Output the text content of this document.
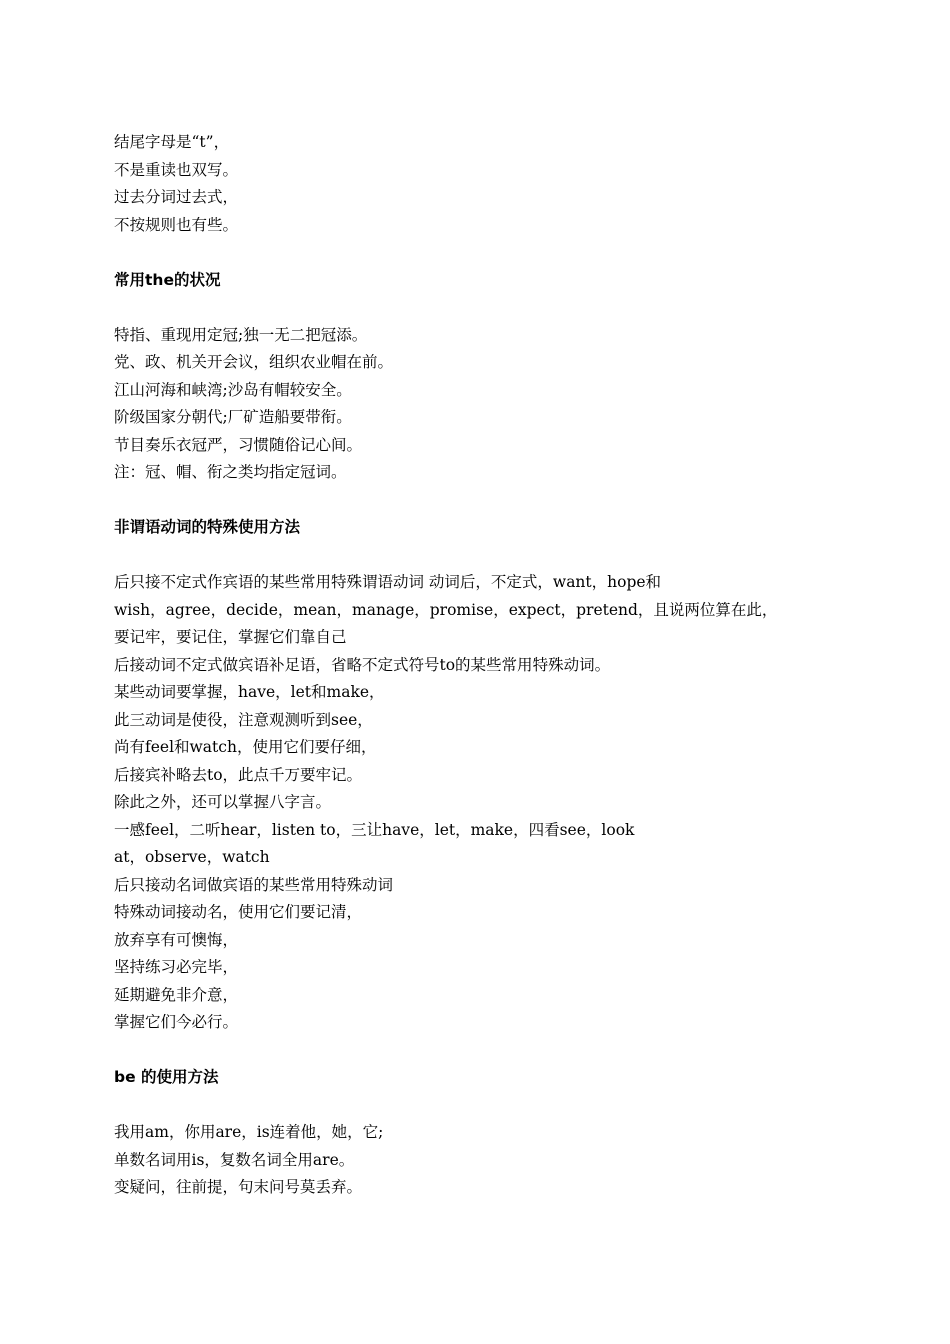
结尾字母是“t”，
不是重读也双写。
过去分词过去式，
不按规则也有些。
常用the的状况
特指、重现用定冠;独一无二把冠添。
党、政、机关开会议，组织农业帽在前。
江山河海和峡湾;沙岛有帽较安全。
阶级国家分朝代;厂矿造船要带衔。
节目奏乐衣冠严，习惯随俗记心间。
注：冠、帽、衔之类均指定冠词。
非谓语动词的特殊使用方法
后只接不定式作宾语的某些常用特殊谓语动词 动词后，不定式，want，hope和
wish，agree，decide，mean，manage，promise，expect，pretend，且说两位算在此，
要记牢，要记住，掌握它们靠自己
后接动词不定式做宾语补足语，省略不定式符号to的某些常用特殊动词。
某些动词要掌握，have，let和make，
此三动词是使役，注意观测听到see，
尚有feel和watch，使用它们要仔细，
后接宾补略去to，此点千万要牢记。
除此之外，还可以掌握八字言。
一感feel，二听hear，listen to，三让have，let，make，四看see，look
at，observe，watch
后只接动名词做宾语的某些常用特殊动词
特殊动词接动名，使用它们要记清，
放弃享有可懊悔，
坚持练习必完毕，
延期避免非介意，
掌握它们今必行。
be 的使用方法
我用am，你用are，is连着他，她，它;
单数名词用is，复数名词全用are。
变疑问，往前提，句末问号莫丢弃。
